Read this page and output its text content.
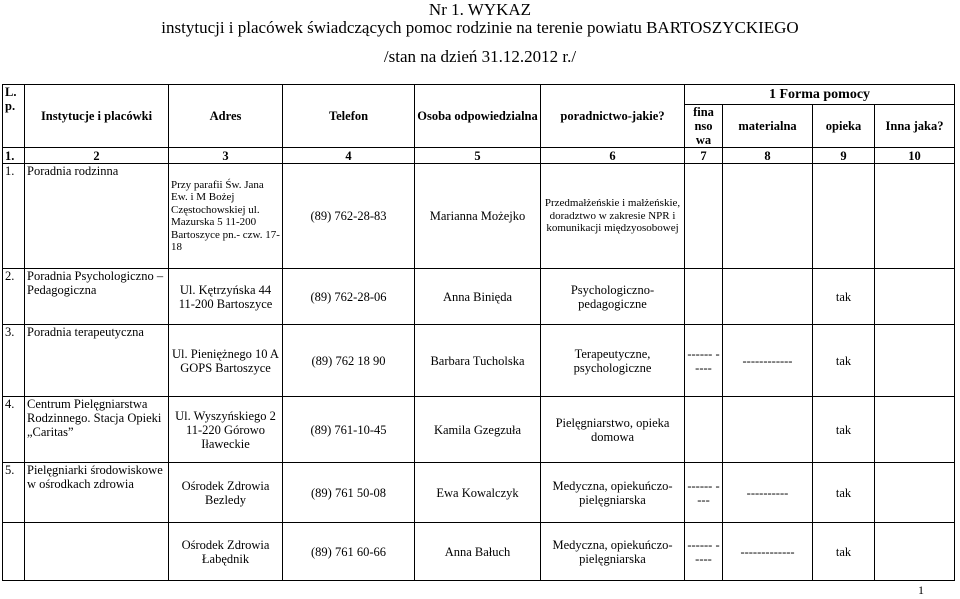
Nr 1. WYKAZ
instytucji i placówek świadczących pomoc rodzinie na terenie powiatu BARTOSZYCKIEGO
/stan na dzień 31.12.2012 r./
L. p.	Instytucje i placówki	Adres	Telefon	Osoba odpowiedzialna	poradnictwo-jakie?	1 Forma pomocy			
						fina nso wa	materialna	opieka	Inna jaka?
1.	2	3	4	5	6	7	8	9	10
1.	Poradnia rodzinna	Przy parafii Św. Jana Ew. i M Bożej Częstochowskiej ul. Mazurska 5 11-200 Bartoszyce pn.- czw. 17-18	(89) 762-28-83	Marianna Możejko	Przedmałżeńskie i małżeńskie, doradztwo w zakresie NPR i komunikacji międzyosobowej				
2.	Poradnia Psychologiczno – Pedagogiczna	Ul. Kętrzyńska 44 11-200 Bartoszyce	(89) 762-28-06	Anna Binięda	Psychologiczno-pedagogiczne			tak	
3.	Poradnia terapeutyczna	Ul. Pieniężnego 10 A GOPS Bartoszyce	(89) 762 18 90	Barbara Tucholska	Terapeutyczne, psychologiczne	------ -----	------------	tak	
4.	Centrum Pielęgniarstwa Rodzinnego. Stacja Opieki „Caritas”	Ul. Wyszyńskiego 2 11-220 Górowo Iławeckie	(89) 761-10-45	Kamila Gzegzuła	Pielęgniarstwo, opieka domowa			tak	
5.	Pielęgniarki środowiskowe w ośrodkach zdrowia	Ośrodek Zdrowia Bezledy	(89) 761 50-08	Ewa Kowalczyk	Medyczna, opiekuńczo-pielęgniarska	------ ----	----------	tak	
		Ośrodek Zdrowia Łabędnik	(89) 761 60-66	Anna Bałuch	Medyczna, opiekuńczo-pielęgniarska	------ -----	-------------	tak	
1
